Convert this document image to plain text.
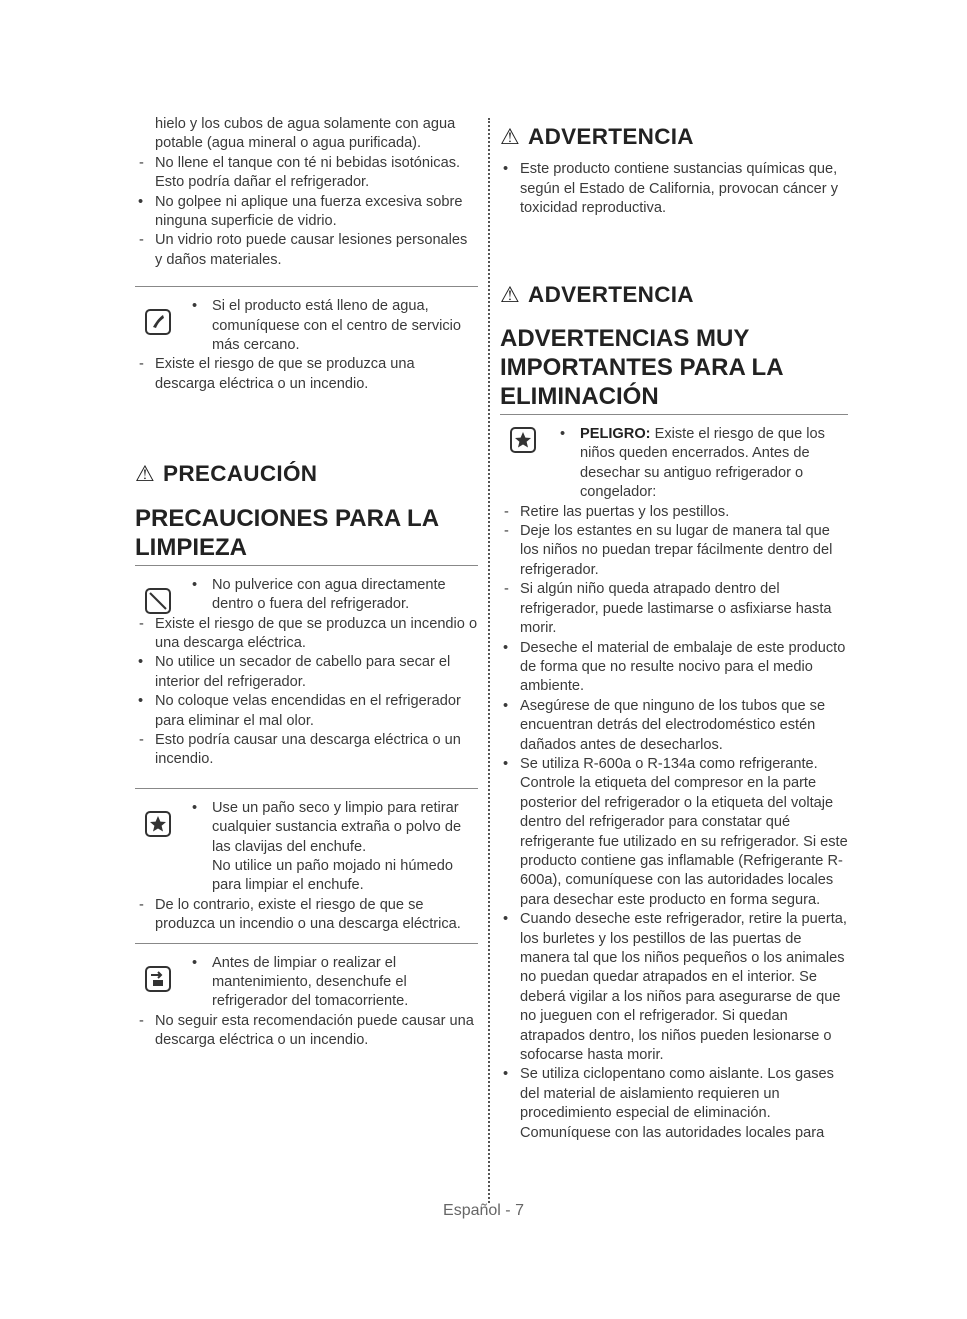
hielo y los cubos de agua solamente con agua potable (agua mineral o agua purificada).
- No llene el tanque con té ni bebidas isotónicas. Esto podría dañar el refrigerador.
• No golpee ni aplique una fuerza excesiva sobre ninguna superficie de vidrio.
- Un vidrio roto puede causar lesiones personales y daños materiales.
• Si el producto está lleno de agua, comuníquese con el centro de servicio más cercano.
- Existe el riesgo de que se produzca una descarga eléctrica o un incendio.
⚠ PRECAUCIÓN
PRECAUCIONES PARA LA LIMPIEZA
• No pulverice con agua directamente dentro o fuera del refrigerador.
- Existe el riesgo de que se produzca un incendio o una descarga eléctrica.
• No utilice un secador de cabello para secar el interior del refrigerador.
• No coloque velas encendidas en el refrigerador para eliminar el mal olor.
- Esto podría causar una descarga eléctrica o un incendio.
• Use un paño seco y limpio para retirar cualquier sustancia extraña o polvo de las clavijas del enchufe.
No utilice un paño mojado ni húmedo para limpiar el enchufe.
- De lo contrario, existe el riesgo de que se produzca un incendio o una descarga eléctrica.
• Antes de limpiar o realizar el mantenimiento, desenchufe el refrigerador del tomacorriente.
- No seguir esta recomendación puede causar una descarga eléctrica o un incendio.
⚠ ADVERTENCIA
• Este producto contiene sustancias químicas que, según el Estado de California, provocan cáncer y toxicidad reproductiva.
⚠ ADVERTENCIA
ADVERTENCIAS MUY IMPORTANTES PARA LA ELIMINACIÓN
• PELIGRO: Existe el riesgo de que los niños queden encerrados. Antes de desechar su antiguo refrigerador o congelador:
- Retire las puertas y los pestillos.
- Deje los estantes en su lugar de manera tal que los niños no puedan trepar fácilmente dentro del refrigerador.
- Si algún niño queda atrapado dentro del refrigerador, puede lastimarse o asfixiarse hasta morir.
• Deseche el material de embalaje de este producto de forma que no resulte nocivo para el medio ambiente.
• Asegúrese de que ninguno de los tubos que se encuentran detrás del electrodoméstico estén dañados antes de desecharlos.
• Se utiliza R-600a o R-134a como refrigerante. Controle la etiqueta del compresor en la parte posterior del refrigerador o la etiqueta del voltaje dentro del refrigerador para constatar qué refrigerante fue utilizado en su refrigerador. Si este producto contiene gas inflamable (Refrigerante R-600a), comuníquese con las autoridades locales para desechar este producto en forma segura.
• Cuando deseche este refrigerador, retire la puerta, los burletes y los pestillos de las puertas de manera tal que los niños pequeños o los animales no puedan quedar atrapados en el interior. Se deberá vigilar a los niños para asegurarse de que no jueguen con el refrigerador. Si quedan atrapados dentro, los niños pueden lesionarse o sofocarse hasta morir.
• Se utiliza ciclopentano como aislante. Los gases del material de aislamiento requieren un procedimiento especial de eliminación. Comuníquese con las autoridades locales para
Español - 7
